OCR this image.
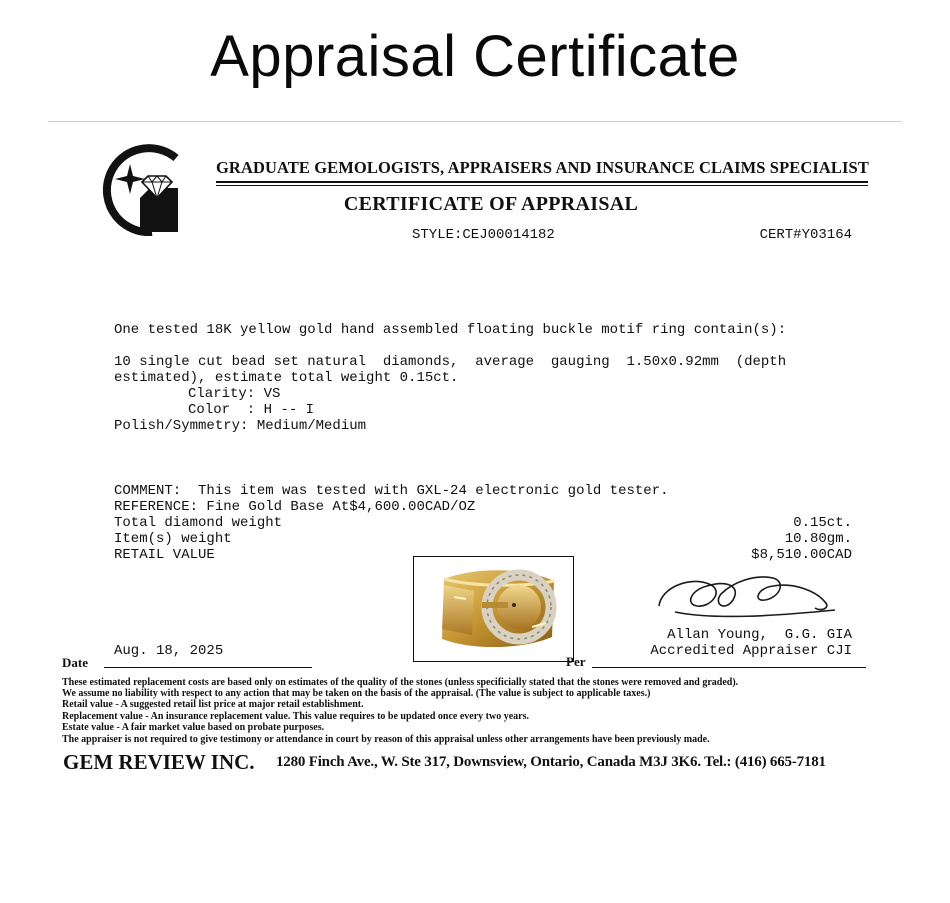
Appraisal Certificate
GRADUATE GEMOLOGISTS, APPRAISERS AND INSURANCE CLAIMS SPECIALIST
CERTIFICATE OF APPRAISAL
STYLE:CEJ00014182	CERT#Y03164
One tested 18K yellow gold hand assembled floating buckle motif ring contain(s):
10 single cut bead set natural  diamonds,  average  gauging  1.50x0.92mm  (depth
estimated), estimate total weight 0.15ct.
Clarity: VS
Color  : H -- I
Polish/Symmetry: Medium/Medium
COMMENT:  This item was tested with GXL-24 electronic gold tester.
REFERENCE: Fine Gold Base At$4,600.00CAD/OZ
Total diamond weight	0.15ct.
Item(s) weight	10.80gm.
RETAIL VALUE	$8,510.00CAD
Aug. 18, 2025
Date	Per
Allan Young,  G.G. GIA
Accredited Appraiser CJI
These estimated replacement costs are based only on estimates of the quality of the stones (unless specificially stated that the stones were removed and graded).
We assume no liability with respect to any action that may be taken on the basis of the appraisal. (The value is subject to applicable taxes.)
Retail value - A suggested retail list price at major retail establishment.
Replacement value - An insurance replacement value. This value requires to be updated once every two years.
Estate value - A fair market value based on probate purposes.
The appraiser is not required to give testimony or attendance in court by reason of this appraisal unless other arrangements have been previously made.
GEM REVIEW INC. 1280 Finch Ave., W. Ste 317, Downsview, Ontario, Canada M3J 3K6. Tel.: (416) 665-7181
